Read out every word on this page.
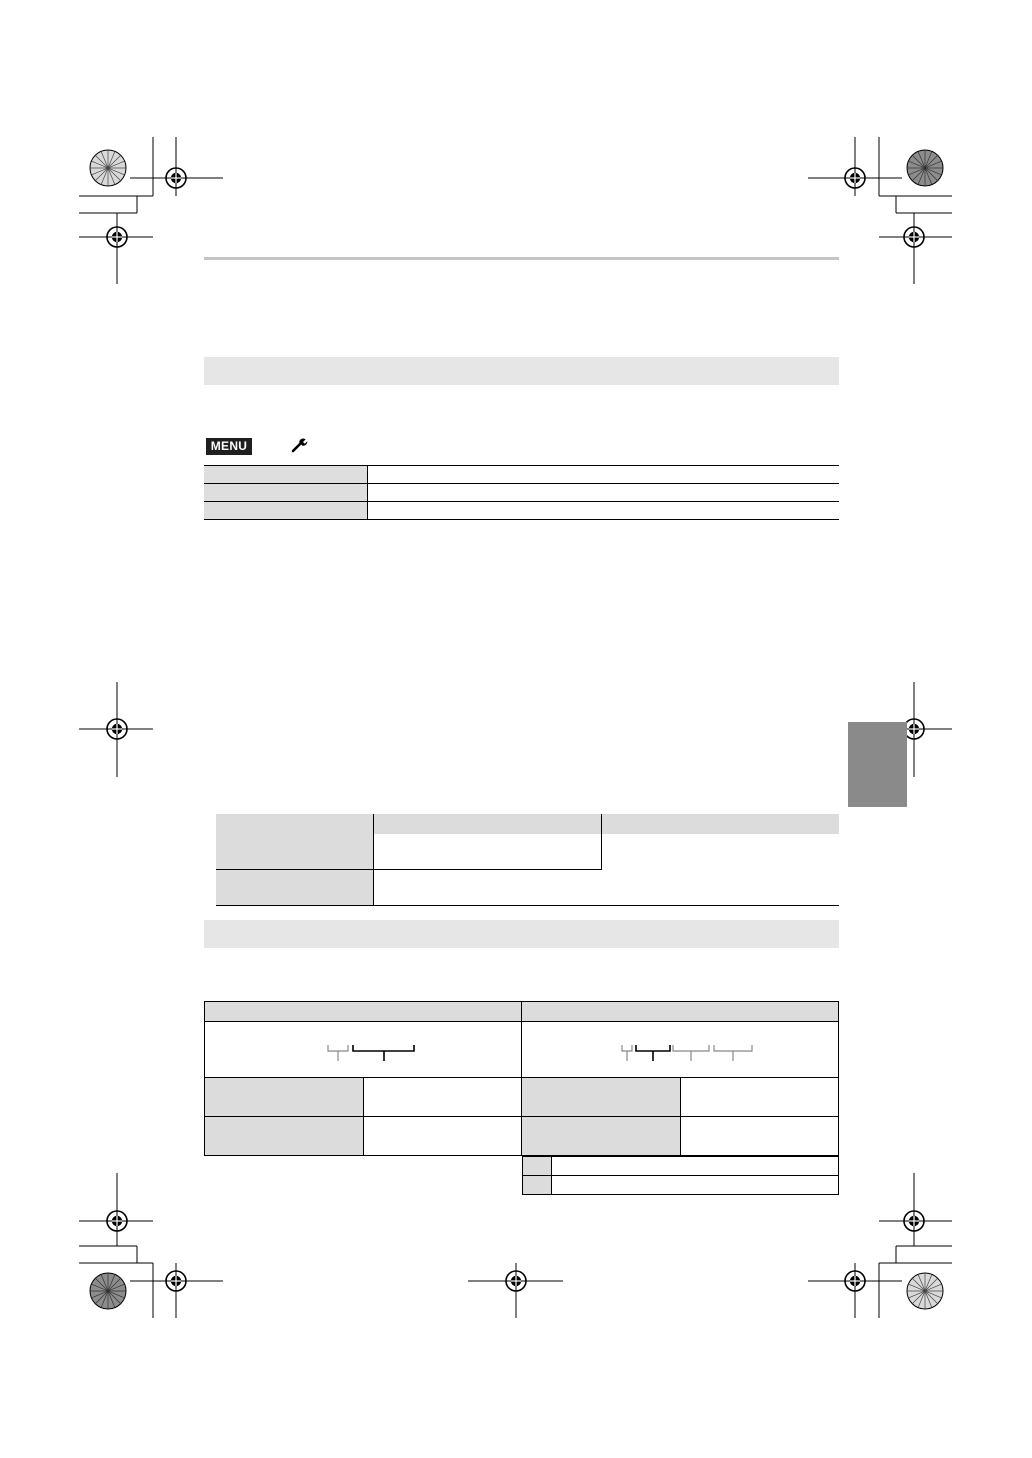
MENU
